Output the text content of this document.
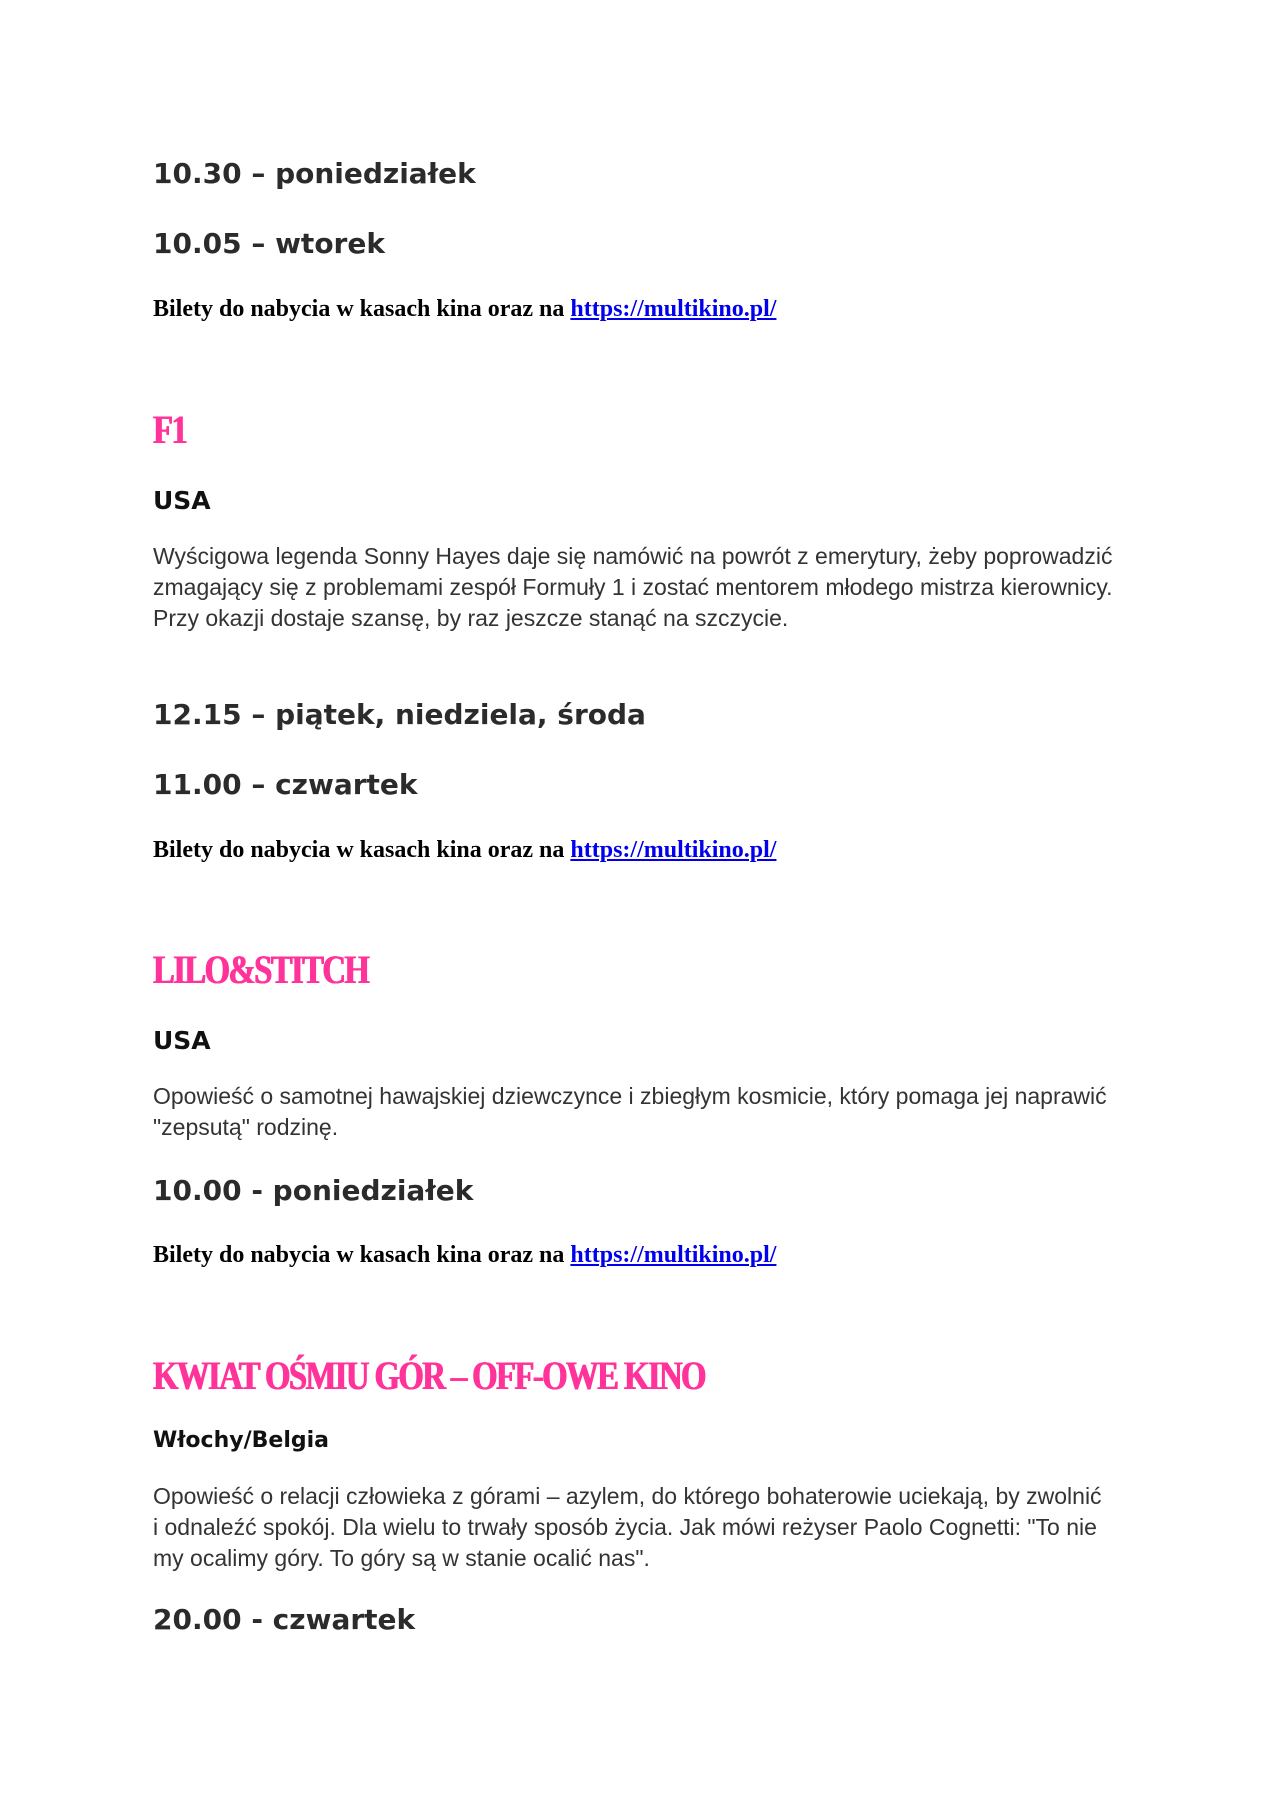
10.30 – poniedziałek

10.05 – wtorek

Bilety do nabycia w kasach kina oraz na https://multikino.pl/

F1

USA

Wyścigowa legenda Sonny Hayes daje się namówić na powrót z emerytury, żeby poprowadzić zmagający się z problemami zespół Formuły 1 i zostać mentorem młodego mistrza kierownicy. Przy okazji dostaje szansę, by raz jeszcze stanąć na szczycie.

12.15 – piątek, niedziela, środa

11.00 – czwartek

Bilety do nabycia w kasach kina oraz na https://multikino.pl/

LILO&STITCH

USA

Opowieść o samotnej hawajskiej dziewczynce i zbiegłym kosmicie, który pomaga jej naprawić "zepsutą" rodzinę.

10.00 - poniedziałek

Bilety do nabycia w kasach kina oraz na https://multikino.pl/

KWIAT OŚMIU GÓR – OFF-OWE KINO

Włochy/Belgia

Opowieść o relacji człowieka z górami – azylem, do którego bohaterowie uciekają, by zwolnić i odnaleźć spokój. Dla wielu to trwały sposób życia. Jak mówi reżyser Paolo Cognetti: "To nie my ocalimy góry. To góry są w stanie ocalić nas".

20.00 - czwartek
